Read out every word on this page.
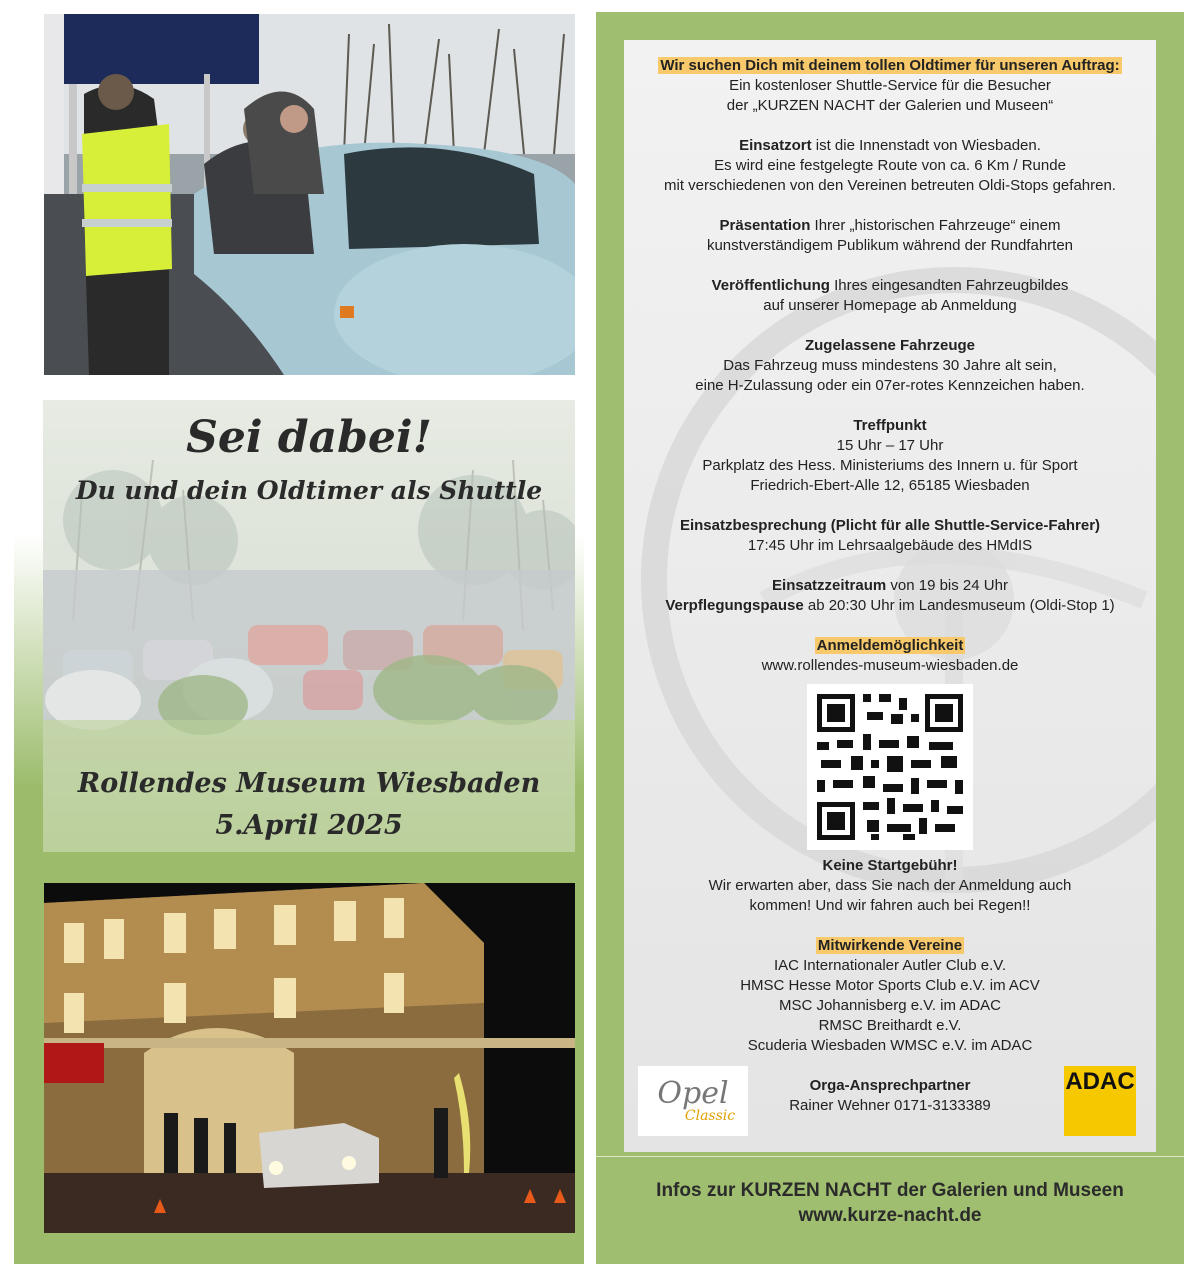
Sei dabei!
Du und dein Oldtimer als Shuttle
Rollendes Museum Wiesbaden
5.April 2025
Wir suchen Dich mit deinem tollen Oldtimer für unseren Auftrag:
Ein kostenloser Shuttle-Service für die Besucher
der „KURZEN NACHT der Galerien und Museen“
Einsatzort ist die Innenstadt von Wiesbaden.
Es wird eine festgelegte Route von ca. 6 Km / Runde
mit verschiedenen von den Vereinen betreuten Oldi-Stops gefahren.
Präsentation Ihrer „historischen Fahrzeuge“ einem
kunstverständigem Publikum während der Rundfahrten
Veröffentlichung Ihres eingesandten Fahrzeugbildes
auf unserer Homepage ab Anmeldung
Zugelassene Fahrzeuge
Das Fahrzeug muss mindestens 30 Jahre alt sein,
eine H-Zulassung oder ein 07er-rotes Kennzeichen haben.
Treffpunkt
15 Uhr – 17 Uhr
Parkplatz des Hess. Ministeriums des Innern u. für Sport
Friedrich-Ebert-Alle 12, 65185 Wiesbaden
Einsatzbesprechung (Plicht für alle Shuttle-Service-Fahrer)
17:45 Uhr im Lehrsaalgebäude des HMdIS
Einsatzzeitraum von 19 bis 24 Uhr
Verpflegungspause ab 20:30 Uhr im Landesmuseum (Oldi-Stop 1)
Anmeldemöglichkeit
www.rollendes-museum-wiesbaden.de
Keine Startgebühr!
Wir erwarten aber, dass Sie nach der Anmeldung auch
kommen! Und wir fahren auch bei Regen!!
Mitwirkende Vereine
IAC Internationaler Autler Club e.V.
HMSC Hesse Motor Sports Club e.V. im ACV
MSC Johannisberg e.V. im ADAC
RMSC Breithardt e.V.
Scuderia Wiesbaden WMSC e.V. im ADAC
Orga-Ansprechpartner
Rainer Wehner 0171-3133389
Opel
Classic
ADAC
Infos zur KURZEN NACHT der Galerien und Museen
www.kurze-nacht.de
